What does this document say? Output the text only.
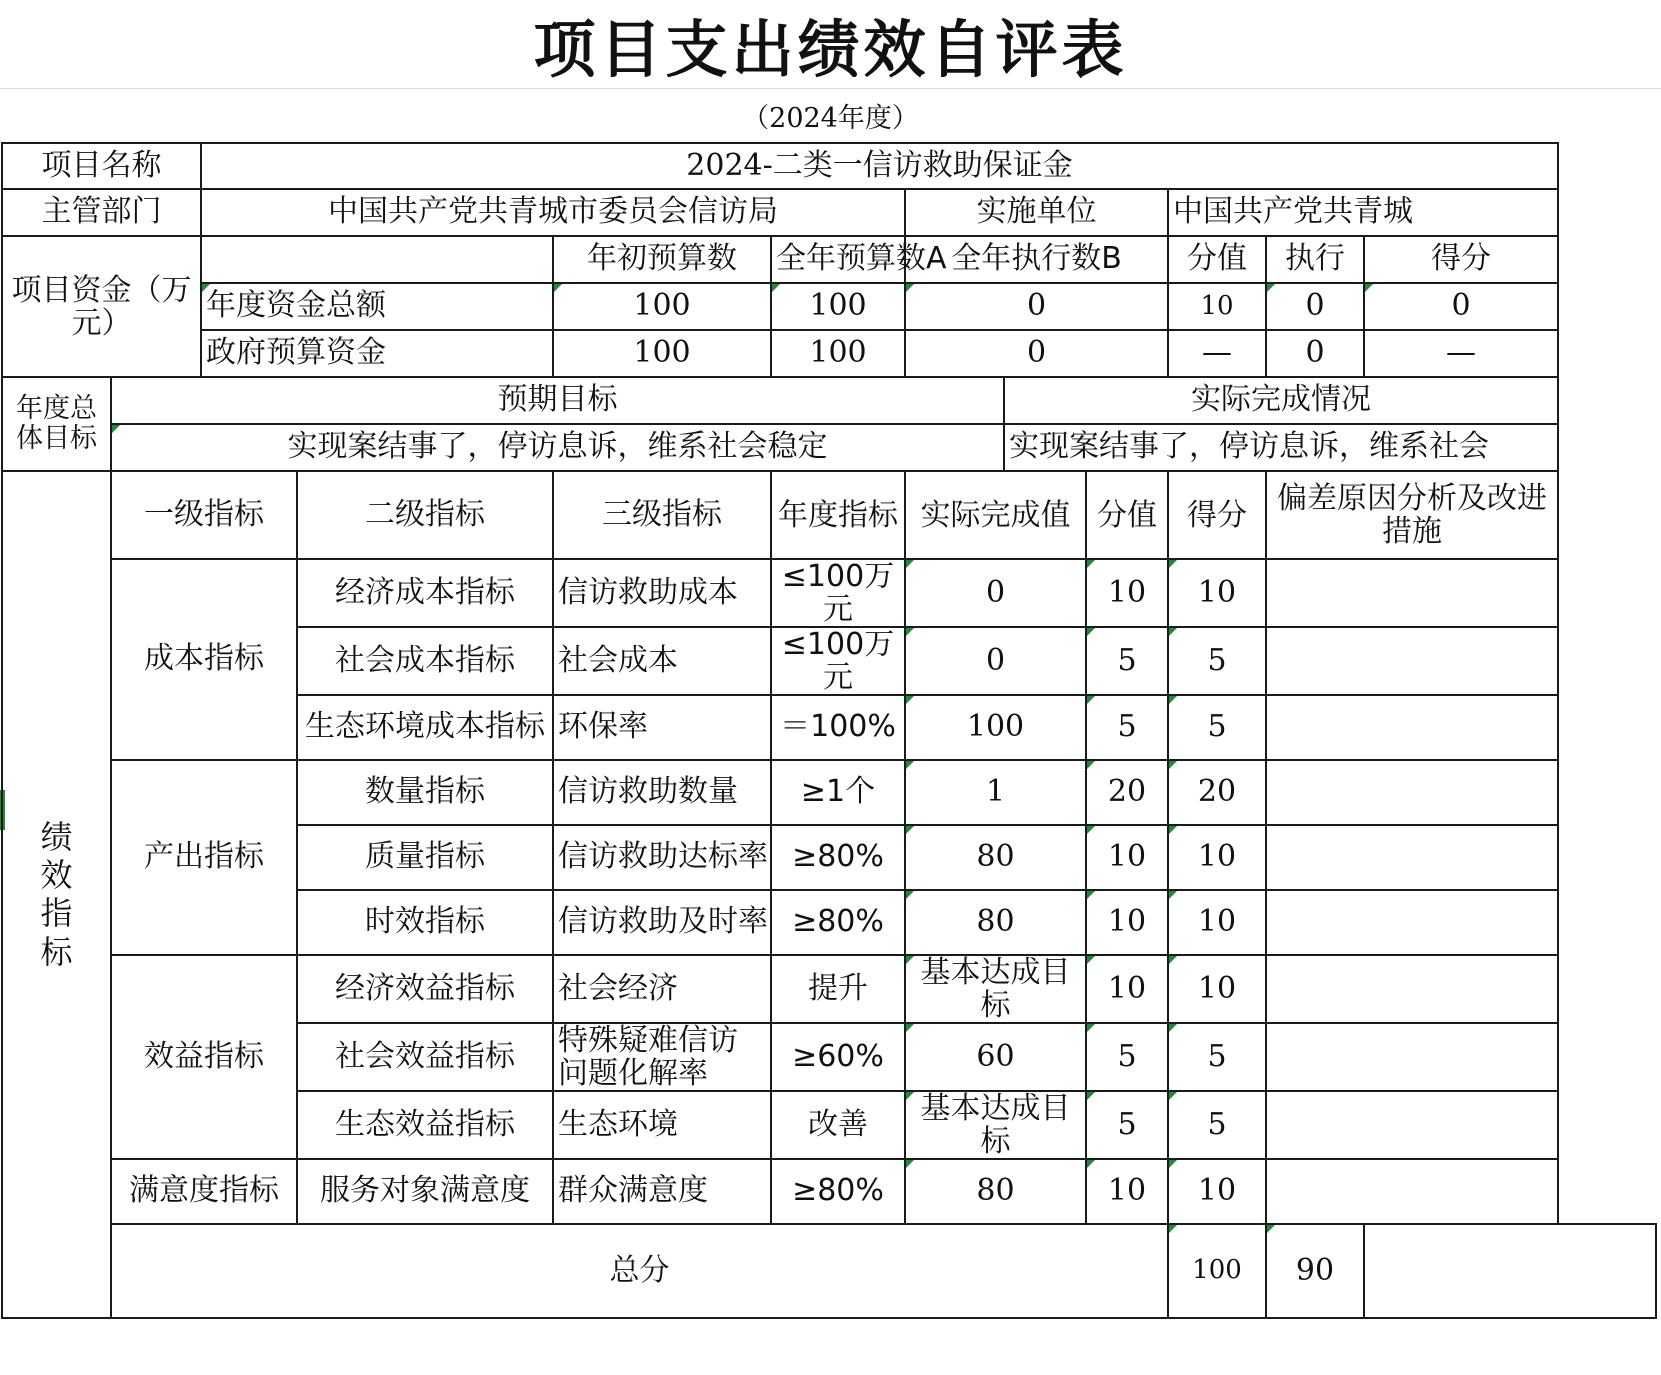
项目支出绩效自评表
（2024年度）
项目名称		2024-二类一信访救助保证金									
主管部门		中国共产党共青城市委员会信访局				实施单位			中国共产党共青城		
项目资金（万元）				年初预算数	全年预算数A	全年执行数B			分值	执行	得分
		年度资金总额		100	100	0			10	0	0
		政府预算资金		100	100	0			—	0	—
年度总体目标	预期目标						实际完成情况				
	实现案结事了，停访息诉，维系社会稳定						实现案结事了，停访息诉，维系社会				
绩效指标	一级指标		二级指标	三级指标	年度指标	实际完成值		分值	得分	偏差原因分析及改进措施	
	成本指标		经济成本指标	信访救助成本	≤100万元	0		10	10		
			社会成本指标	社会成本	≤100万元	0		5	5		
			生态环境成本指标	环保率	＝100%	100		5	5		
	产出指标		数量指标	信访救助数量	≥1个	1		20	20		
			质量指标	信访救助达标率	≥80%	80		10	10		
			时效指标	信访救助及时率	≥80%	80		10	10		
	效益指标		经济效益指标	社会经济	提升	基本达成目标		10	10		
			社会效益指标	特殊疑难信访问题化解率	≥60%	60		5	5		
			生态效益指标	生态环境	改善	基本达成目标		5	5		
	满意度指标		服务对象满意度	群众满意度	≥80%	80		10	10		
	总分								100	90	
